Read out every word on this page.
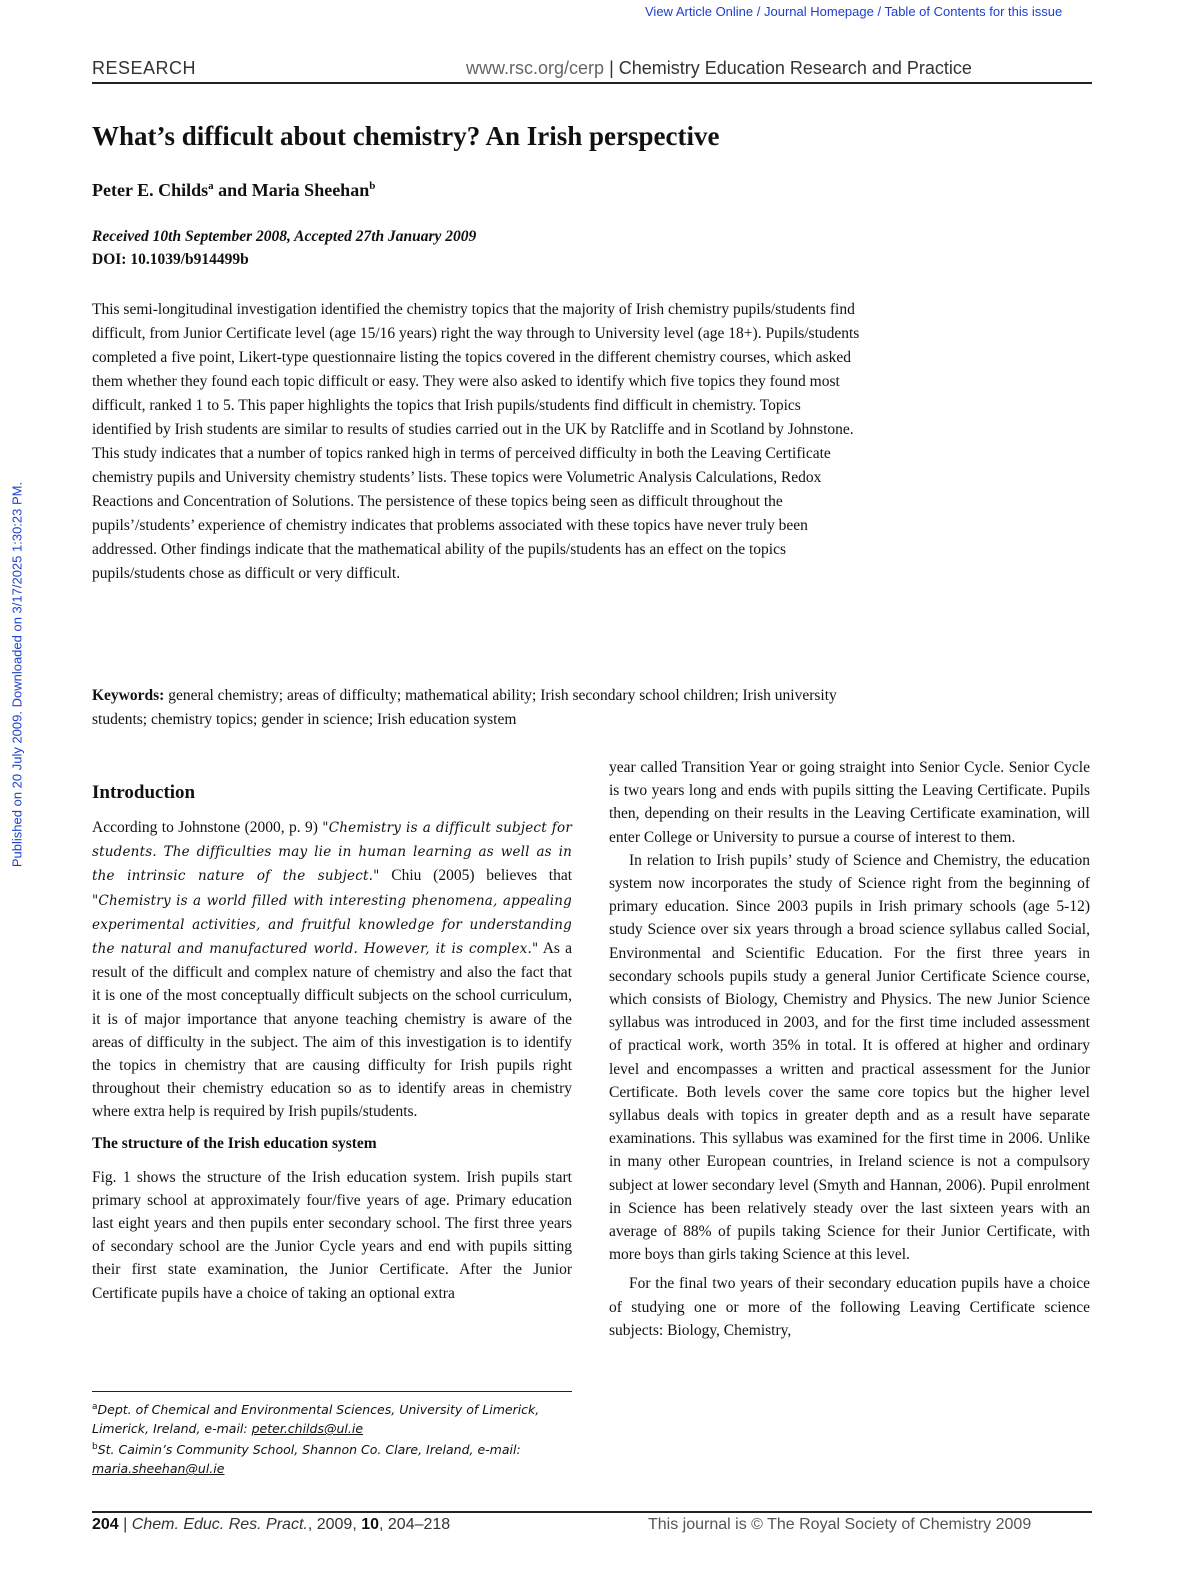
View Article Online / Journal Homepage / Table of Contents for this issue
Published on 20 July 2009. Downloaded on 3/17/2025 1:30:23 PM.
RESEARCH	www.rsc.org/cerp | Chemistry Education Research and Practice
What’s difficult about chemistry? An Irish perspective
Peter E. Childs$^a$ and Maria Sheehan$^b$
Received 10th September 2008, Accepted 27th January 2009
DOI: 10.1039/b914499b

This semi-longitudinal investigation identified the chemistry topics that the majority of Irish chemistry pupils/students find difficult, from Junior Certificate level (age 15/16 years) right the way through to University level (age 18+). Pupils/students completed a five point, Likert-type questionnaire listing the topics covered in the different chemistry courses, which asked them whether they found each topic difficult or easy. They were also asked to identify which five topics they found most difficult, ranked 1 to 5. This paper highlights the topics that Irish pupils/students find difficult in chemistry. Topics identified by Irish students are similar to results of studies carried out in the UK by Ratcliffe and in Scotland by Johnstone. This study indicates that a number of topics ranked high in terms of perceived difficulty in both the Leaving Certificate chemistry pupils and University chemistry students’ lists. These topics were Volumetric Analysis Calculations, Redox Reactions and Concentration of Solutions. The persistence of these topics being seen as difficult throughout the pupils’/students’ experience of chemistry indicates that problems associated with these topics have never truly been addressed. Other findings indicate that the mathematical ability of the pupils/students has an effect on the topics pupils/students chose as difficult or very difficult.

Keywords: general chemistry; areas of difficulty; mathematical ability; Irish secondary school children; Irish university students; chemistry topics; gender in science; Irish education system

Introduction

According to Johnstone (2000, p. 9) "Chemistry is a difficult subject for students. The difficulties may lie in human learning as well as in the intrinsic nature of the subject." Chiu (2005) believes that "Chemistry is a world filled with interesting phenomena, appealing experimental activities, and fruitful knowledge for understanding the natural and manufactured world. However, it is complex." As a result of the difficult and complex nature of chemistry and also the fact that it is one of the most conceptually difficult subjects on the school curriculum, it is of major importance that anyone teaching chemistry is aware of the areas of difficulty in the subject. The aim of this investigation is to identify the topics in chemistry that are causing difficulty for Irish pupils right throughout their chemistry education so as to identify areas in chemistry where extra help is required by Irish pupils/students.

The structure of the Irish education system

Fig. 1 shows the structure of the Irish education system. Irish pupils start primary school at approximately four/five years of age. Primary education last eight years and then pupils enter secondary school. The first three years of secondary school are the Junior Cycle years and end with pupils sitting their first state examination, the Junior Certificate. After the Junior Certificate pupils have a choice of taking an optional extra

year called Transition Year or going straight into Senior Cycle. Senior Cycle is two years long and ends with pupils sitting the Leaving Certificate. Pupils then, depending on their results in the Leaving Certificate examination, will enter College or University to pursue a course of interest to them.

In relation to Irish pupils’ study of Science and Chemistry, the education system now incorporates the study of Science right from the beginning of primary education. Since 2003 pupils in Irish primary schools (age 5-12) study Science over six years through a broad science syllabus called Social, Environmental and Scientific Education. For the first three years in secondary schools pupils study a general Junior Certificate Science course, which consists of Biology, Chemistry and Physics. The new Junior Science syllabus was introduced in 2003, and for the first time included assessment of practical work, worth 35% in total. It is offered at higher and ordinary level and encompasses a written and practical assessment for the Junior Certificate. Both levels cover the same core topics but the higher level syllabus deals with topics in greater depth and as a result have separate examinations. This syllabus was examined for the first time in 2006. Unlike in many other European countries, in Ireland science is not a compulsory subject at lower secondary level (Smyth and Hannan, 2006). Pupil enrolment in Science has been relatively steady over the last sixteen years with an average of 88% of pupils taking Science for their Junior Certificate, with more boys than girls taking Science at this level.

For the final two years of their secondary education pupils have a choice of studying one or more of the following Leaving Certificate science subjects: Biology, Chemistry,

$^a$Dept. of Chemical and Environmental Sciences, University of Limerick, Limerick, Ireland, e-mail: peter.childs@ul.ie

$^b$St. Caimin’s Community School, Shannon Co. Clare, Ireland, e-mail: maria.sheehan@ul.ie

204 | Chem. Educ. Res. Pract., 2009, 10, 204–218	This journal is © The Royal Society of Chemistry 2009
